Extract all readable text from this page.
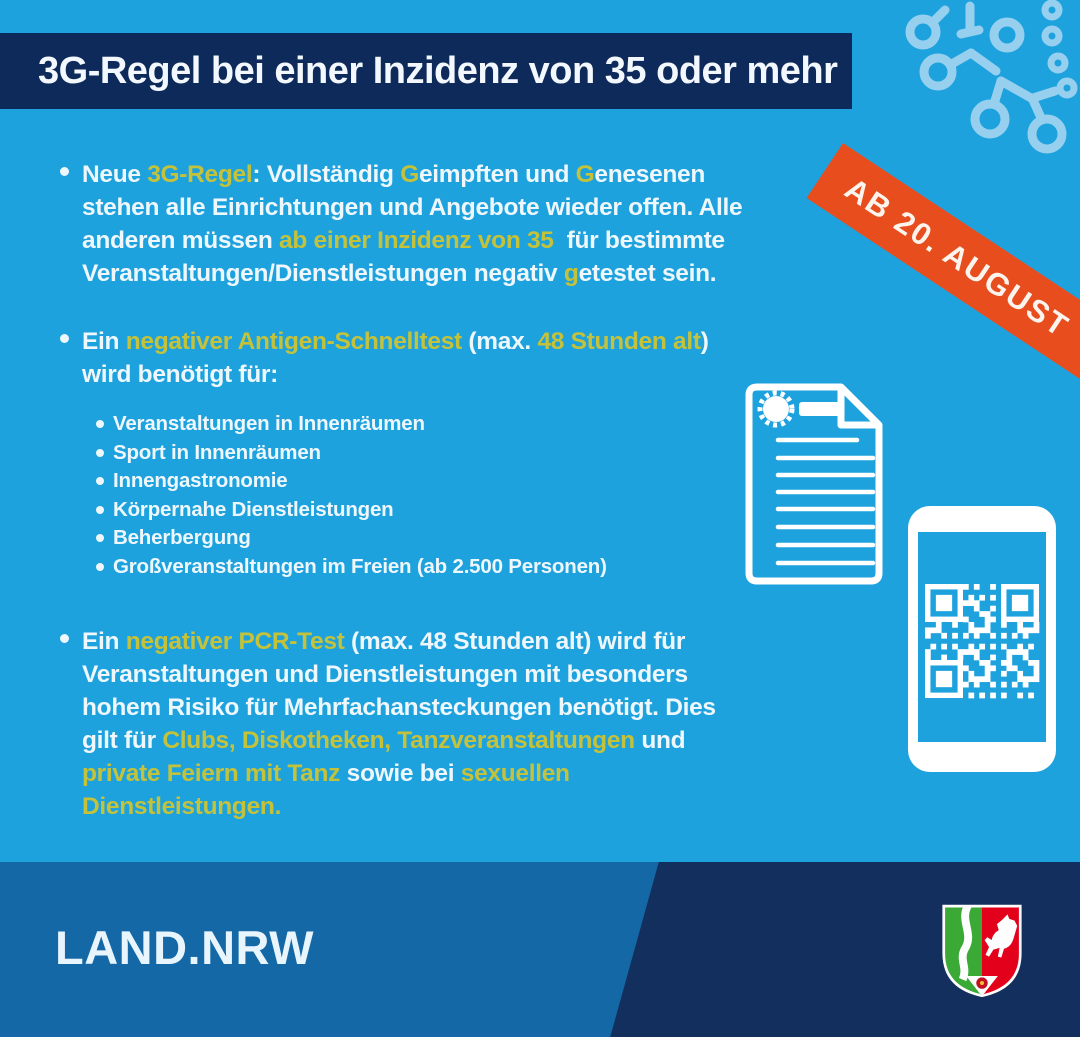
3G-Regel bei einer Inzidenz von 35 oder mehr
AB 20. AUGUST
Neue 3G-Regel: Vollständig Geimpften und Genesenen
stehen alle Einrichtungen und Angebote wieder offen. Alle
anderen müssen ab einer Inzidenz von 35  für bestimmte
Veranstaltungen/Dienstleistungen negativ getestet sein.
Ein negativer Antigen-Schnelltest (max. 48 Stunden alt)
wird benötigt für:
Veranstaltungen in Innenräumen
Sport in Innenräumen
Innengastronomie
Körpernahe Dienstleistungen
Beherbergung
Großveranstaltungen im Freien (ab 2.500 Personen)
Ein negativer PCR-Test (max. 48 Stunden alt) wird für
Veranstaltungen und Dienstleistungen mit besonders
hohem Risiko für Mehrfachansteckungen benötigt. Dies
gilt für Clubs, Diskotheken, Tanzveranstaltungen und
private Feiern mit Tanz sowie bei sexuellen
Dienstleistungen.
LAND.NRW
